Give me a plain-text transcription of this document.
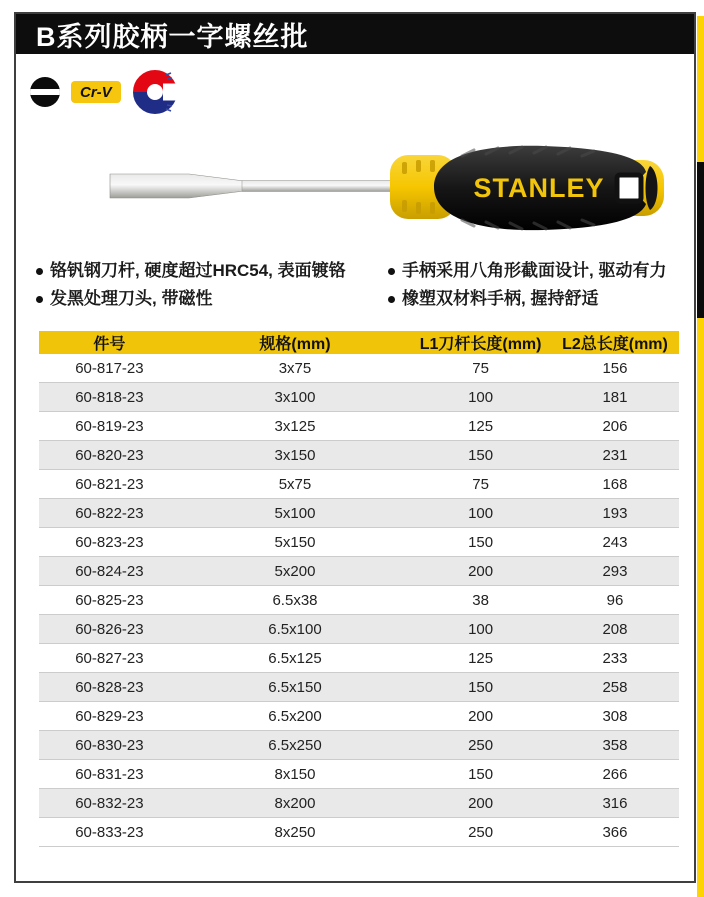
B系列胶柄一字螺丝批
Cr-V
STANLEY
铬钒钢刀杆, 硬度超过HRC54, 表面镀铬
发黑处理刀头, 带磁性
手柄采用八角形截面设计, 驱动有力
橡塑双材料手柄, 握持舒适
件号	规格(mm)	L1刀杆长度(mm)	L2总长度(mm)
60-817-23	3x75	75	156
60-818-23	3x100	100	181
60-819-23	3x125	125	206
60-820-23	3x150	150	231
60-821-23	5x75	75	168
60-822-23	5x100	100	193
60-823-23	5x150	150	243
60-824-23	5x200	200	293
60-825-23	6.5x38	38	96
60-826-23	6.5x100	100	208
60-827-23	6.5x125	125	233
60-828-23	6.5x150	150	258
60-829-23	6.5x200	200	308
60-830-23	6.5x250	250	358
60-831-23	8x150	150	266
60-832-23	8x200	200	316
60-833-23	8x250	250	366
